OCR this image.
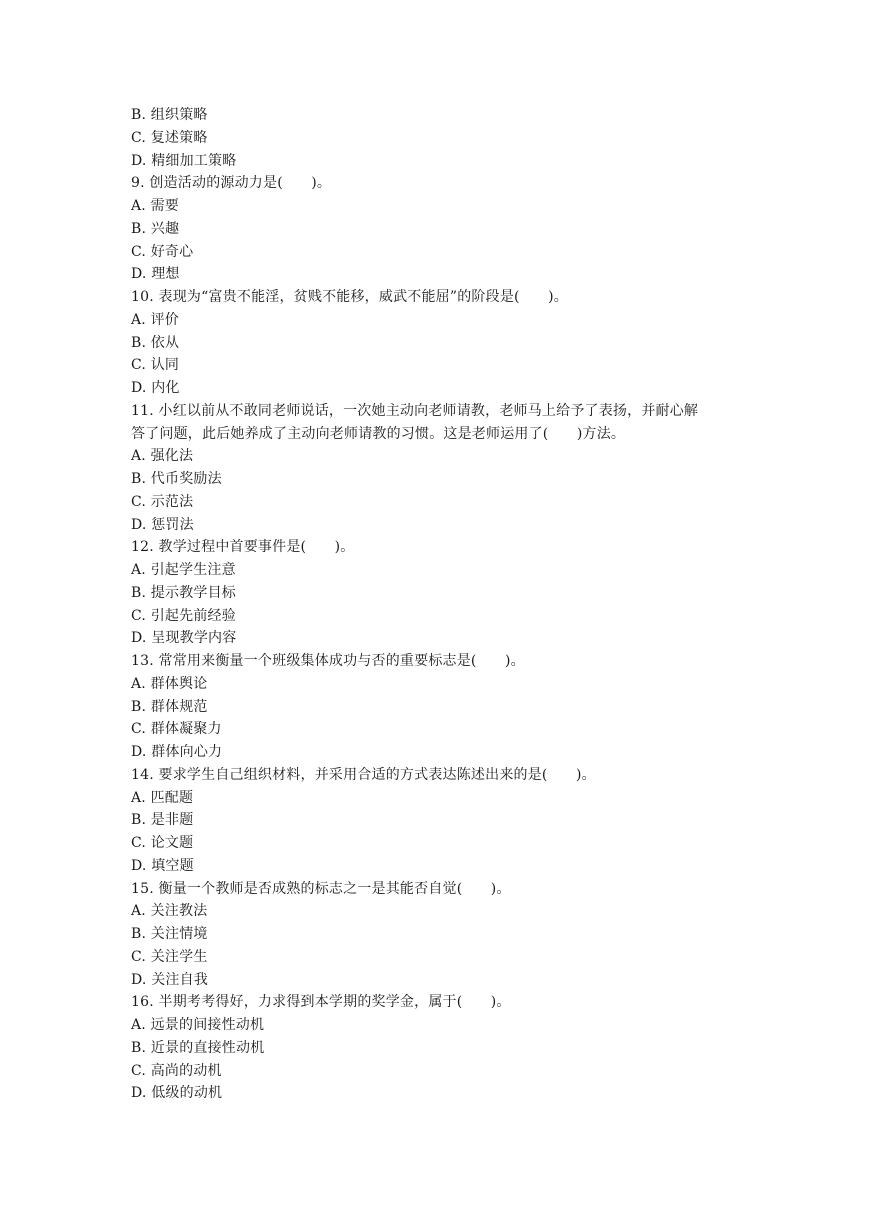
B. 组织策略
C. 复述策略
D. 精细加工策略
9. 创造活动的源动力是(　　)。
A. 需要
B. 兴趣
C. 好奇心
D. 理想
10. 表现为“富贵不能淫，贫贱不能移，威武不能屈”的阶段是(　　)。
A. 评价
B. 依从
C. 认同
D. 内化
11. 小红以前从不敢同老师说话，一次她主动向老师请教，老师马上给予了表扬，并耐心解
答了问题，此后她养成了主动向老师请教的习惯。这是老师运用了(　　)方法。
A. 强化法
B. 代币奖励法
C. 示范法
D. 惩罚法
12. 教学过程中首要事件是(　　)。
A. 引起学生注意
B. 提示教学目标
C. 引起先前经验
D. 呈现教学内容
13. 常常用来衡量一个班级集体成功与否的重要标志是(　　)。
A. 群体舆论
B. 群体规范
C. 群体凝聚力
D. 群体向心力
14. 要求学生自己组织材料，并采用合适的方式表达陈述出来的是(　　)。
A. 匹配题
B. 是非题
C. 论文题
D. 填空题
15. 衡量一个教师是否成熟的标志之一是其能否自觉(　　)。
A. 关注教法
B. 关注情境
C. 关注学生
D. 关注自我
16. 半期考考得好，力求得到本学期的奖学金，属于(　　)。
A. 远景的间接性动机
B. 近景的直接性动机
C. 高尚的动机
D. 低级的动机
